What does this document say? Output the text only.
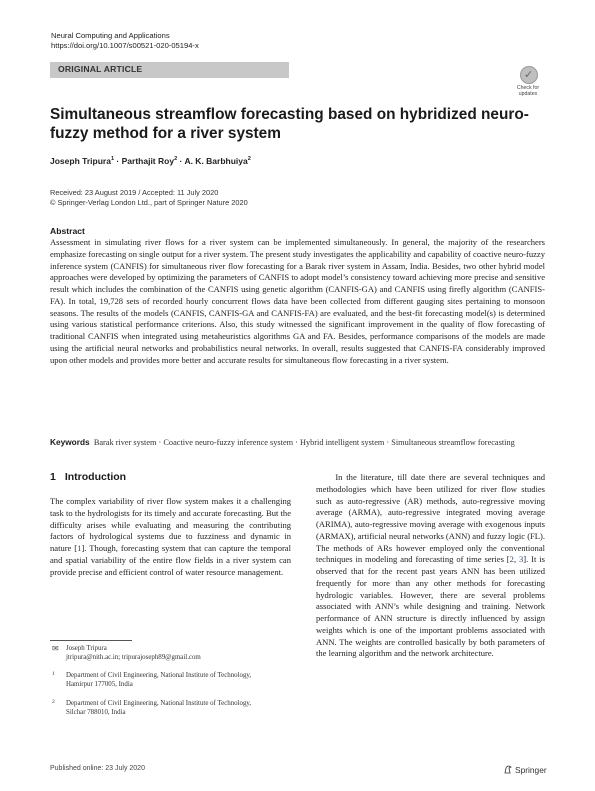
Neural Computing and Applications
https://doi.org/10.1007/s00521-020-05194-x
ORIGINAL ARTICLE	✓
Check for
updates
Simultaneous streamflow forecasting based on hybridized neuro-fuzzy method for a river system
Joseph Tripura$^1$ · Parthajit Roy$^2$ · A. K. Barbhuiya$^2$
Received: 23 August 2019 / Accepted: 11 July 2020
© Springer-Verlag London Ltd., part of Springer Nature 2020
Abstract
Assessment in simulating river flows for a river system can be implemented simultaneously. In general, the majority of the researchers emphasize forecasting on single output for a river system. The present study investigates the applicability and capability of coactive neuro-fuzzy inference system (CANFIS) for simultaneous river flow forecasting for a Barak river system in Assam, India. Besides, two other hybrid model approaches were developed by optimizing the parameters of CANFIS to adopt model’s consistency toward achieving more precise and sensitive result which includes the combination of the CANFIS using genetic algorithm (CANFIS-GA) and CANFIS using firefly algorithm (CANFIS-FA). In total, 19,728 sets of recorded hourly concurrent flows data have been collected from different gauging sites pertaining to monsoon seasons. The results of the models (CANFIS, CANFIS-GA and CANFIS-FA) are evaluated, and the best-fit forecasting model(s) is determined using various statistical performance criterions. Also, this study witnessed the significant improvement in the quality of flow forecasting of traditional CANFIS when integrated using metaheuristics algorithms GA and FA. Besides, performance comparisons of the models are made using the artificial neural networks and probabilistics neural networks. In overall, results suggested that CANFIS-FA considerably improved upon other models and provides more better and accurate results for simultaneous flow forecasting in a river system.
Keywords Barak river system · Coactive neuro-fuzzy inference system · Hybrid intelligent system · Simultaneous streamflow forecasting
1 Introduction
The complex variability of river flow system makes it a challenging task to the hydrologists for its timely and accurate forecasting. But the difficulty arises while evaluating and measuring the contributing factors of hydrological systems due to fuzziness and dynamic in nature [1]. Though, forecasting system that can capture the temporal and spatial variability of the entire flow fields in a river system can provide precise and efficient control of water resource management.
In the literature, till date there are several techniques and methodologies which have been utilized for river flow studies such as auto-regressive (AR) methods, auto-regressive moving average (ARMA), auto-regressive integrated moving average (ARIMA), auto-regressive moving average with exogenous inputs (ARMAX), artificial neural networks (ANN) and fuzzy logic (FL). The methods of ARs however employed only the conventional techniques in modeling and forecasting of time series [2, 3]. It is observed that for the recent past years ANN has been utilized frequently for more than any other methods for forecasting hydrologic variables. However, there are several problems associated with ANN’s while designing and training. Network performance of ANN structure is directly influenced by assign weights which is one of the important problems associated with ANN. The weights are controlled basically by both parameters of the learning algorithm and the network architecture.
✉ Joseph Tripura
jtripura@nith.ac.in; tripurajoseph89@gmail.com
1 Department of Civil Engineering, National Institute of Technology, Hamirpur 177005, India
2 Department of Civil Engineering, National Institute of Technology, Silchar 788010, India
Published online: 23 July 2020	Springer
